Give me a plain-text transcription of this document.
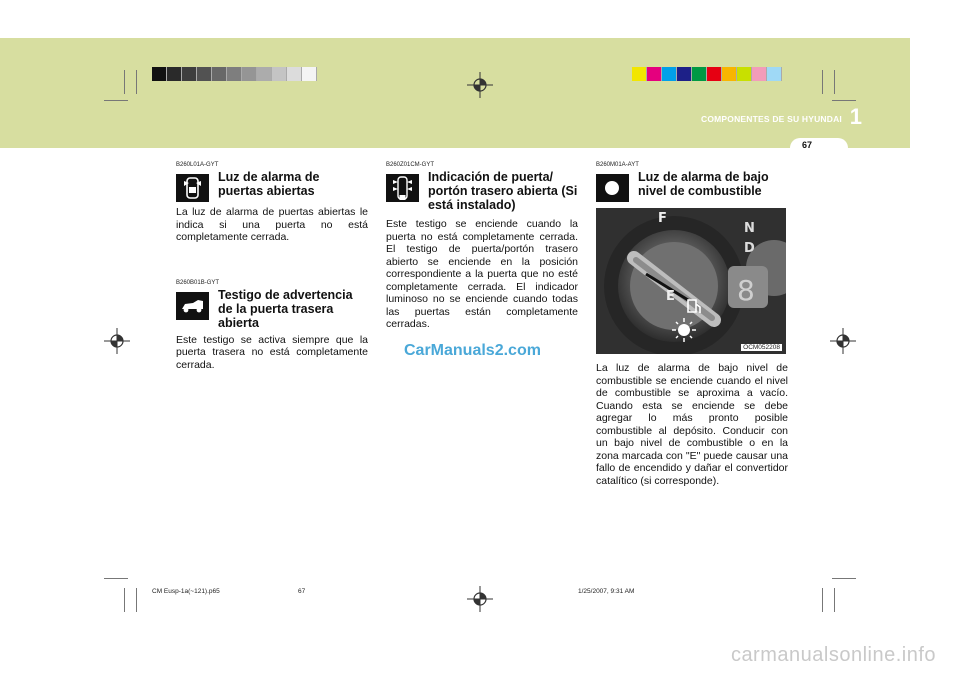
COMPONENTES DE SU HYUNDAI 1
67
B260L01A-GYT
Luz de alarma de puertas abiertas
La luz de alarma de puertas abiertas le indica si una puerta no está completamente cerrada.
B260B01B-GYT
Testigo de advertencia de la puerta trasera abierta
Este testigo se activa siempre que la puerta trasera no está completamente cerrada.
B260Z01CM-GYT
Indicación de puerta/ portón trasero abierta (Si está instalado)
Este testigo se enciende cuando la puerta no está completamente cerrada. El testigo de puerta/portón trasero abierto se enciende en la posición correspondiente a la puerta que no esté completamente cerrada. El indicador luminoso no se enciende cuando todas las puertas están completamente cerradas.
B260M01A-AYT
Luz de alarma de bajo nivel de combustible
8
N
D
F
E
OCM052208
La luz de alarma de bajo nivel de combustible se enciende cuando el nivel de combustible se aproxima a vacío. Cuando esta se enciende se debe agregar lo más pronto posible combustible al depósito. Conducir con un bajo nivel de combustible o en la zona marcada con "E" puede causar una fallo de encendido y dañar el convertidor catalítico (si corresponde).
CarManuals2.com
CM Eusp-1a(~121).p65	67	1/25/2007, 9:31 AM
carmanualsonline.info
